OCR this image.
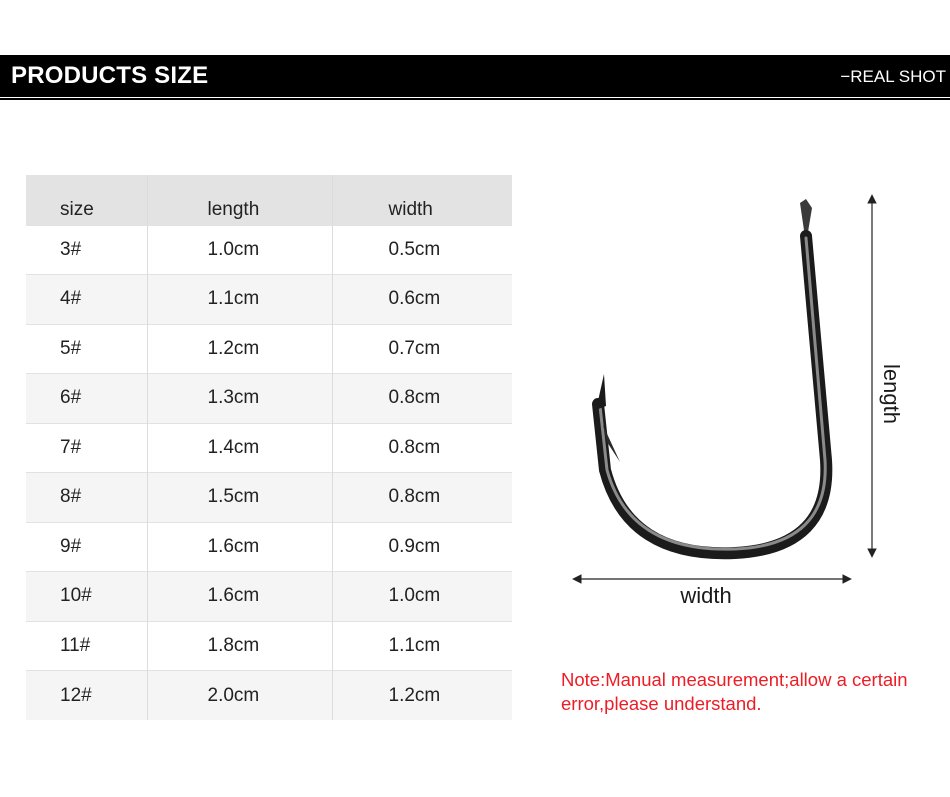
PRODUCTS SIZE	−REAL SHOT
size	length	width
3#	1.0cm	0.5cm
4#	1.1cm	0.6cm
5#	1.2cm	0.7cm
6#	1.3cm	0.8cm
7#	1.4cm	0.8cm
8#	1.5cm	0.8cm
9#	1.6cm	0.9cm
10#	1.6cm	1.0cm
11#	1.8cm	1.1cm
12#	2.0cm	1.2cm
length
width
Note:Manual measurement;allow a certain error,please understand.
